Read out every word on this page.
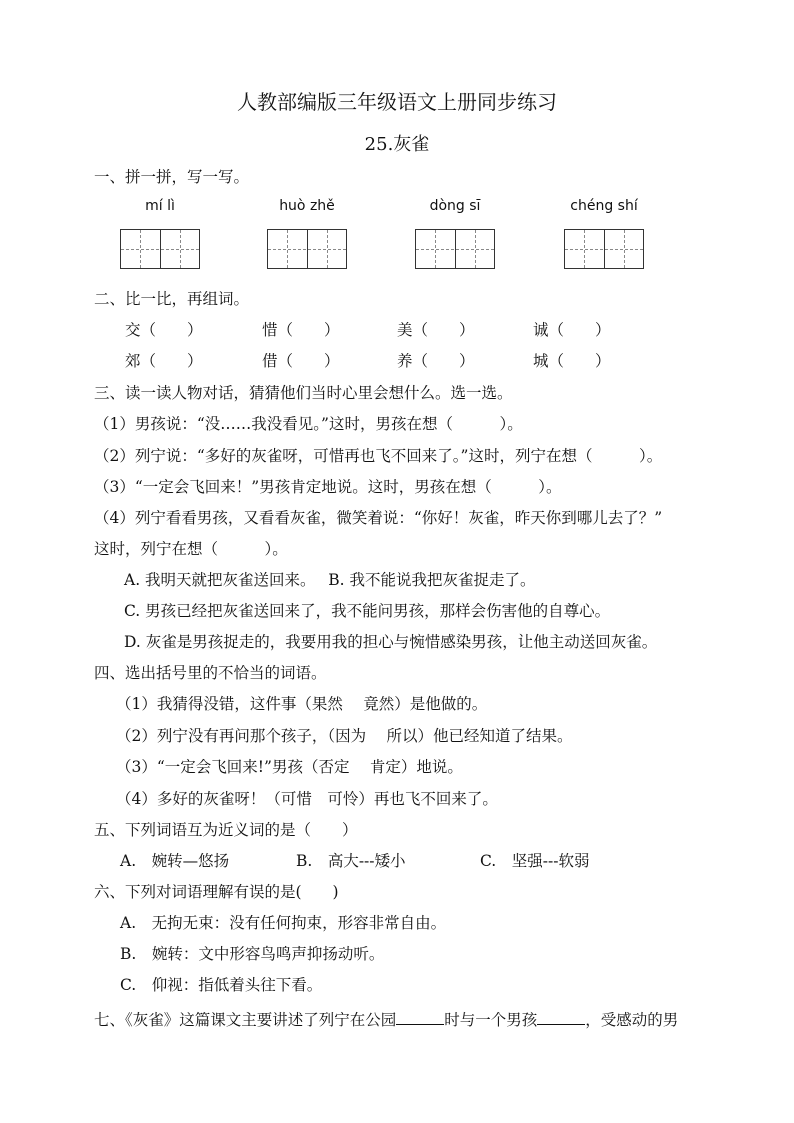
人教部编版三年级语文上册同步练习
25.灰雀
一、拼一拼，写一写。
mí lì	huò zhě	dòng sī	chéng shí
二、比一比，再组词。
交（　　）	惜（　　）	美（　　）	诚（　　）
郊（　　）	借（　　）	养（　　）	城（　　）
三、读一读人物对话，猜猜他们当时心里会想什么。选一选。
（1）男孩说：“没……我没看见。”这时，男孩在想（　　　）。
（2）列宁说：“多好的灰雀呀，可惜再也飞不回来了。”这时，列宁在想（　　　）。
（3）“一定会飞回来！”男孩肯定地说。这时，男孩在想（　　　）。
（4）列宁看看男孩，又看看灰雀，微笑着说：“你好！灰雀，昨天你到哪儿去了？”
这时，列宁在想（　　　）。
A. 我明天就把灰雀送回来。　 B. 我不能说我把灰雀捉走了。
C. 男孩已经把灰雀送回来了，我不能问男孩，那样会伤害他的自尊心。
D. 灰雀是男孩捉走的，我要用我的担心与惋惜感染男孩，让他主动送回灰雀。
四、选出括号里的不恰当的词语。
（1）我猜得没错，这件事（果然　 竟然）是他做的。
（2）列宁没有再问那个孩子，（因为　 所以）他已经知道了结果。
（3）“一定会飞回来!”男孩（否定　 肯定）地说。
（4）多好的灰雀呀！（可惜　可怜）再也飞不回来了。
五、下列词语互为近义词的是（　　）
A.　婉转—悠扬	B.　高大---矮小	C.　坚强---软弱
六、下列对词语理解有误的是(　　)
A.　无拘无束：没有任何拘束，形容非常自由。
B.　婉转：文中形容鸟鸣声抑扬动听。
C.　仰视：指低着头往下看。
七、《灰雀》这篇课文主要讲述了列宁在公园	时与一个男孩	，受感动的男
